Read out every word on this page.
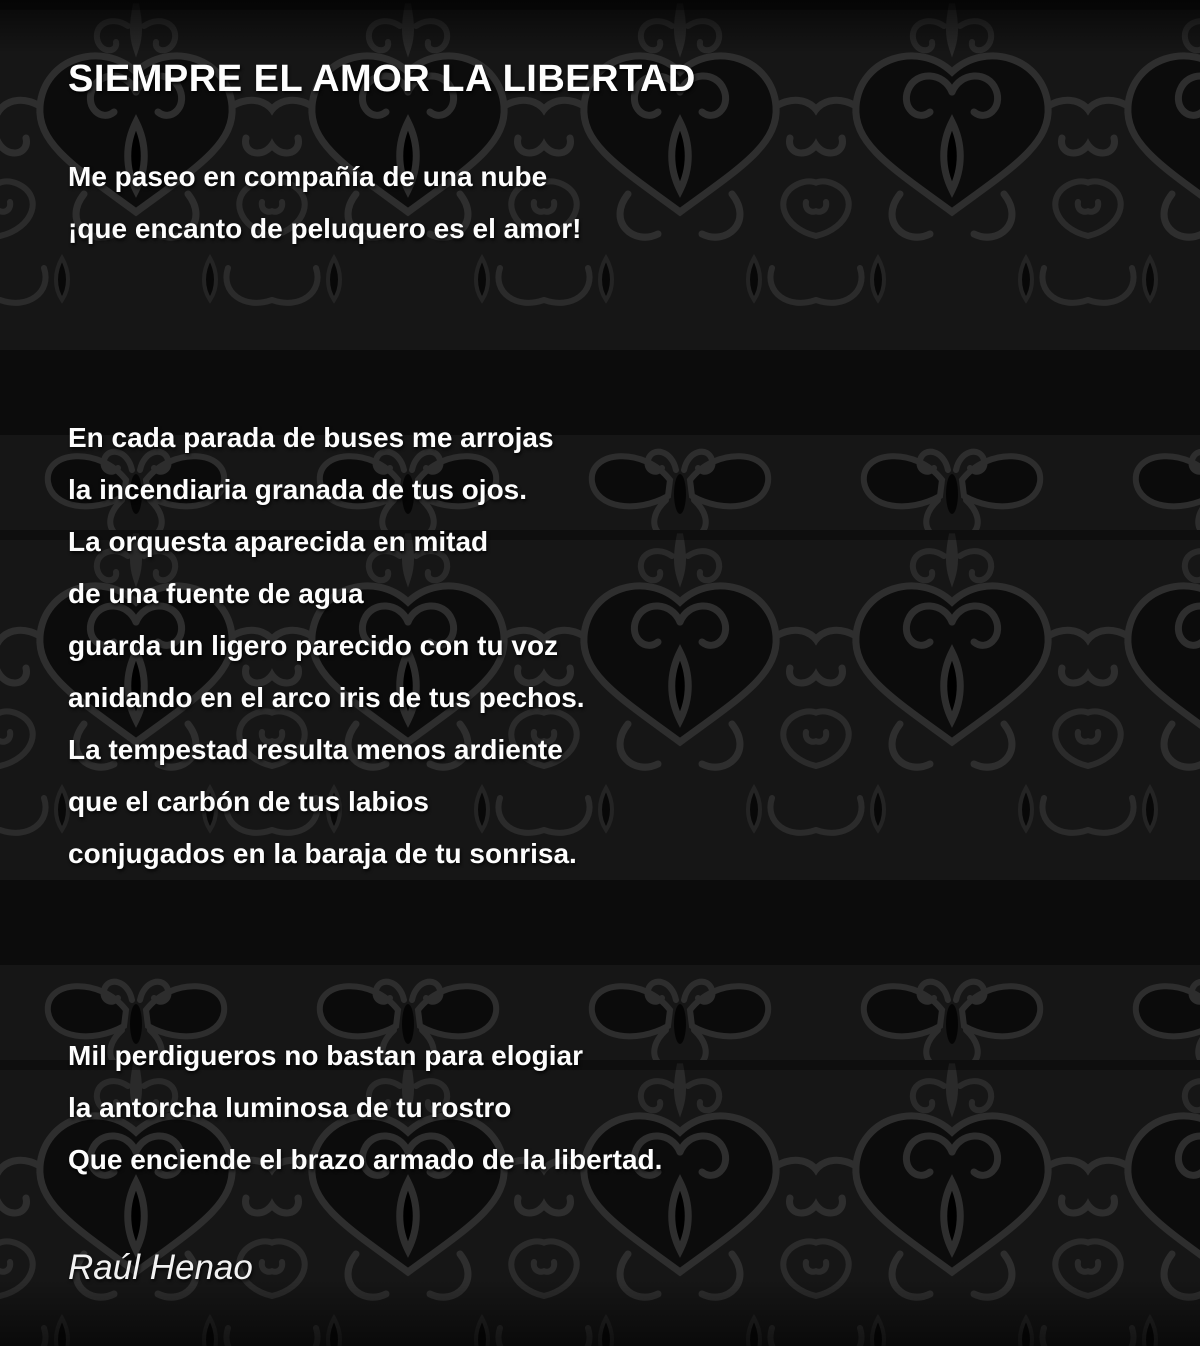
SIEMPRE EL AMOR LA LIBERTAD
Me paseo en compañía de una nube
¡que encanto de peluquero es el amor!
En cada parada de buses me arrojas
la incendiaria granada de tus ojos.
La orquesta aparecida en mitad
de una fuente de agua
guarda un ligero parecido con tu voz
anidando en el arco iris de tus pechos.
La tempestad resulta menos ardiente
que el carbón de tus labios
conjugados en la baraja de tu sonrisa.
Mil perdigueros no bastan para elogiar
la antorcha luminosa de tu rostro
Que enciende el brazo armado de la libertad.
Raúl Henao
